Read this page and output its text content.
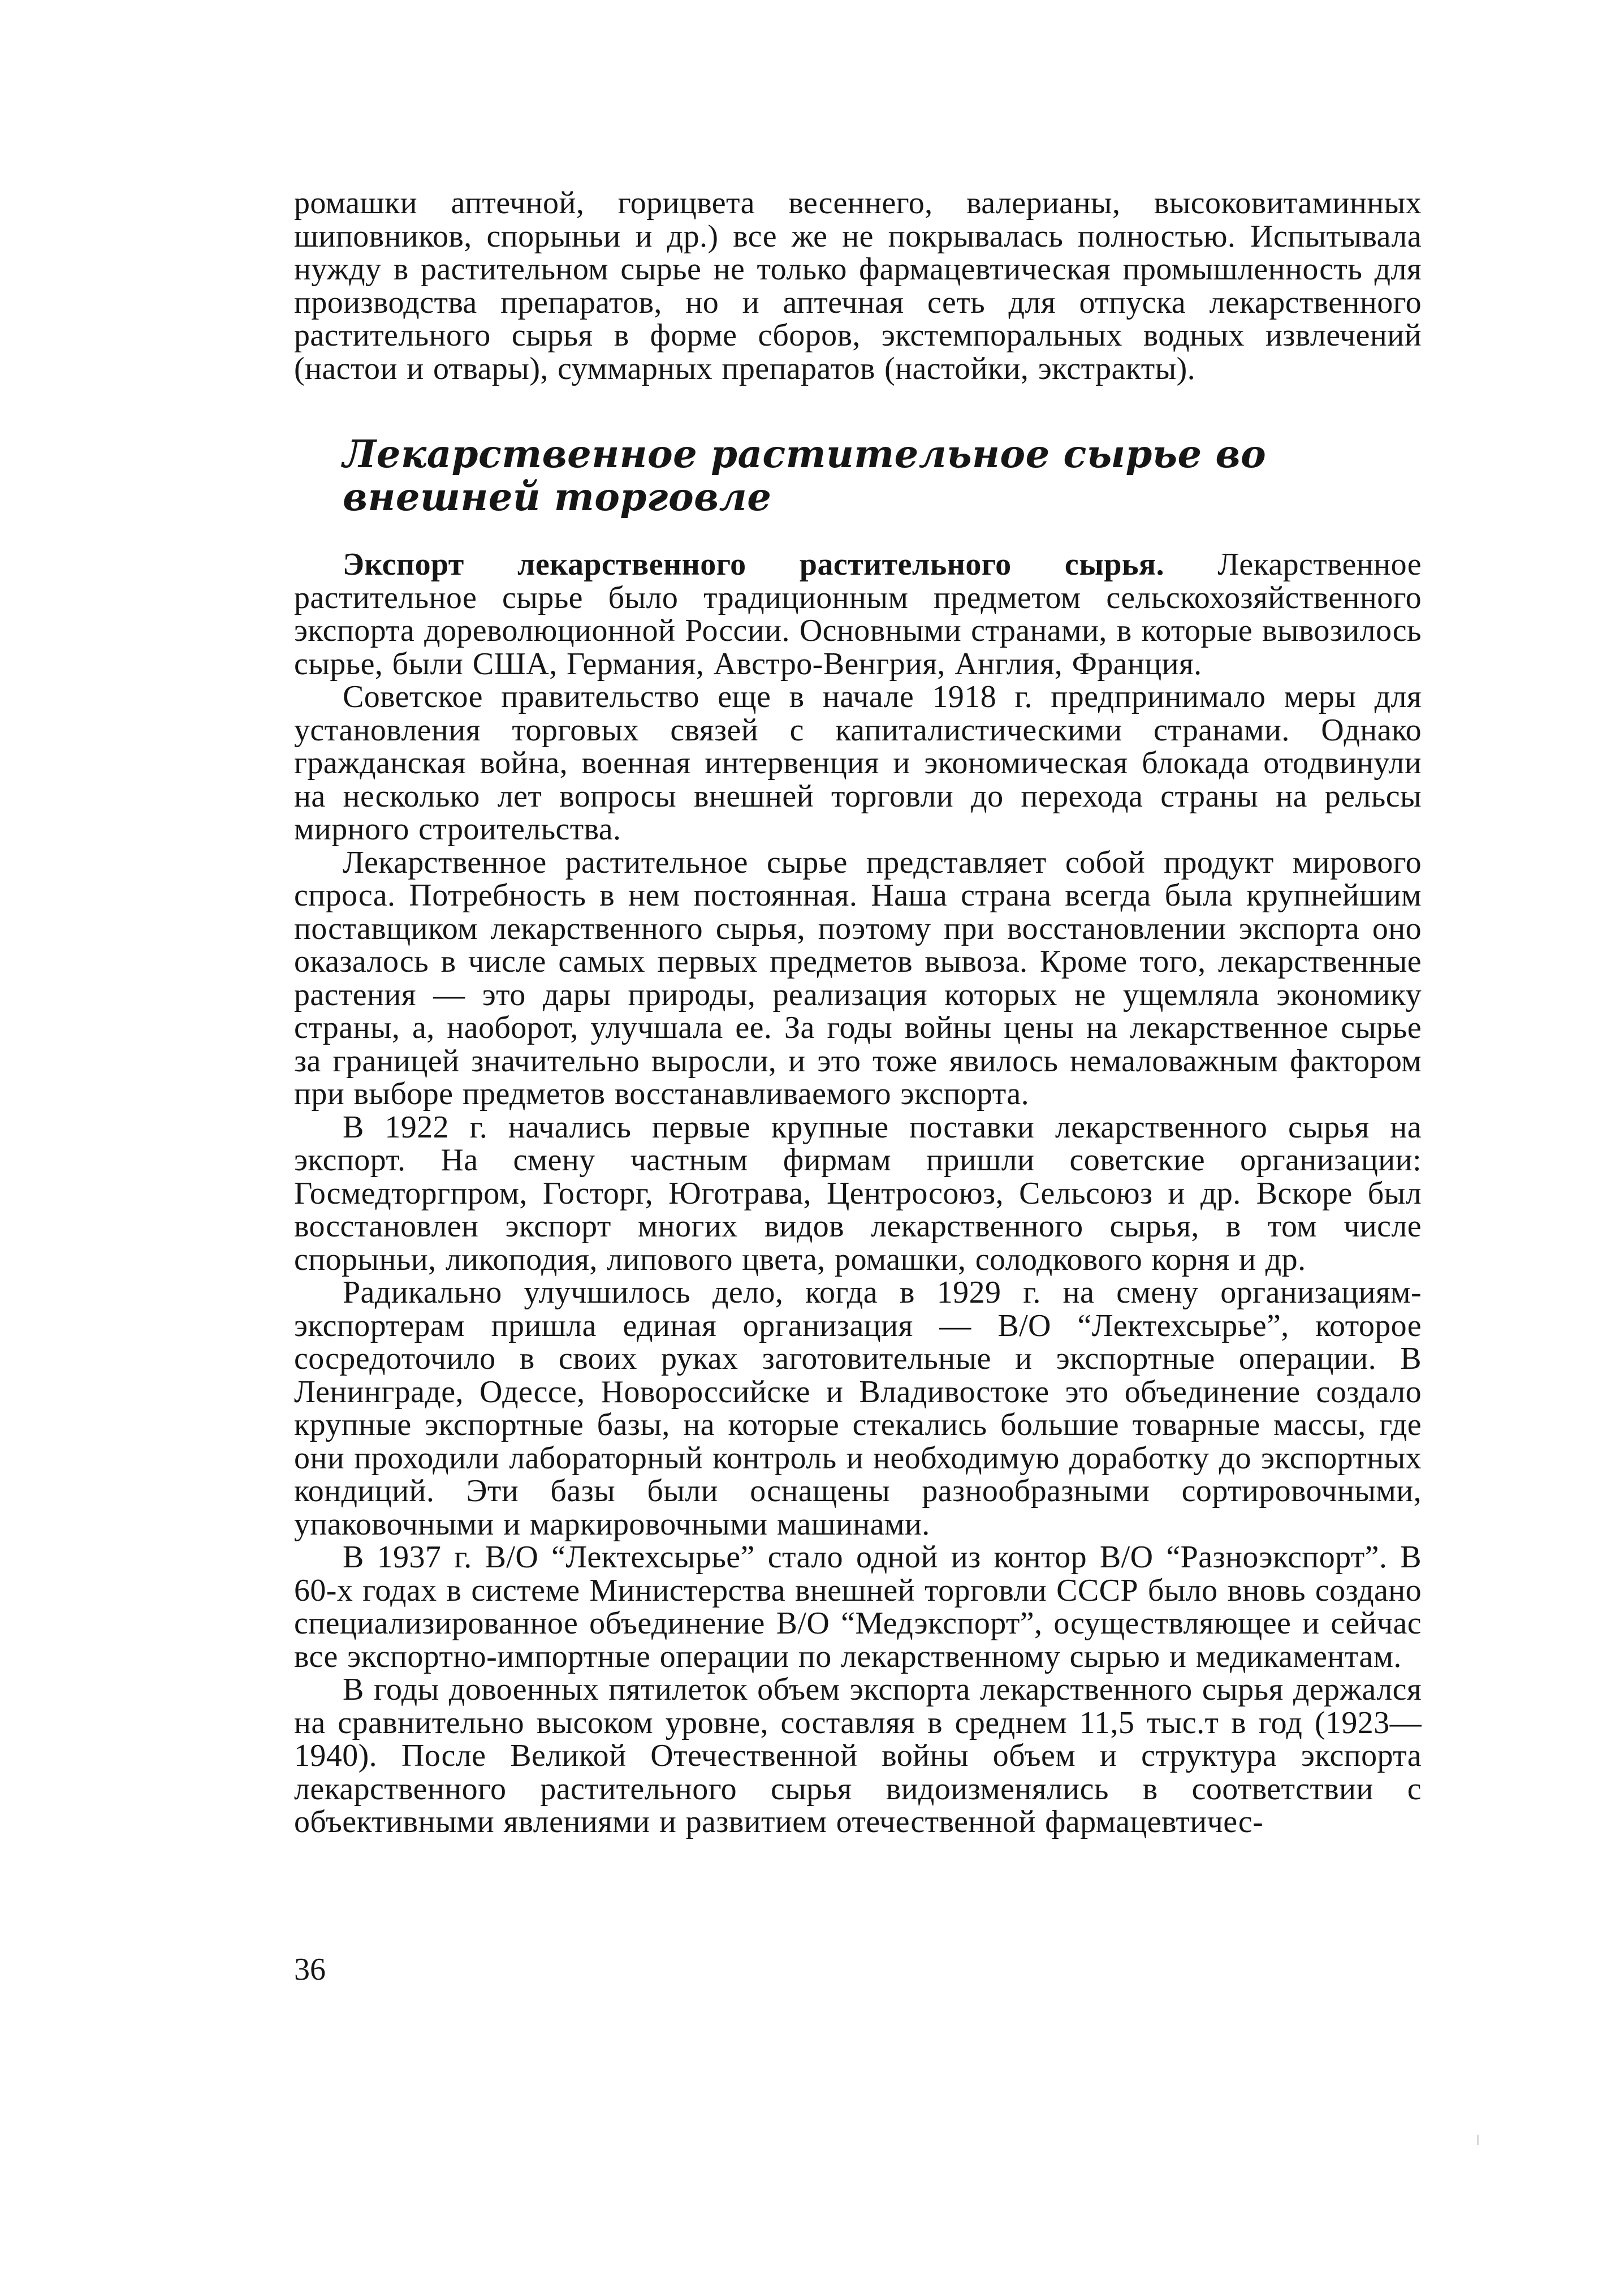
ромашки аптечной, горицвета весеннего, валерианы, высоковитаминных шиповников, спорыньи и др.) все же не покрывалась полностью. Испытывала нужду в растительном сырье не только фармацевтическая промышленность для производства препаратов, но и аптечная сеть для отпуска лекарственного растительного сырья в форме сборов, экстемпоральных водных извлечений (настои и отвары), суммарных препаратов (настойки, экстракты).

Лекарственное растительное сырье во внешней торговле

Экспорт лекарственного растительного сырья. Лекарственное растительное сырье было традиционным предметом сельскохозяйственного экспорта дореволюционной России. Основными странами, в которые вывозилось сырье, были США, Германия, Австро-Венгрия, Англия, Франция.

Советское правительство еще в начале 1918 г. предпринимало меры для установления торговых связей с капиталистическими странами. Однако гражданская война, военная интервенция и экономическая блокада отодвинули на несколько лет вопросы внешней торговли до перехода страны на рельсы мирного строительства.

Лекарственное растительное сырье представляет собой продукт мирового спроса. Потребность в нем постоянная. Наша страна всегда была крупнейшим поставщиком лекарственного сырья, поэтому при восстановлении экспорта оно оказалось в числе самых первых предметов вывоза. Кроме того, лекарственные растения — это дары природы, реализация которых не ущемляла экономику страны, а, наоборот, улучшала ее. За годы войны цены на лекарственное сырье за границей значительно выросли, и это тоже явилось немаловажным фактором при выборе предметов восстанавливаемого экспорта.

В 1922 г. начались первые крупные поставки лекарственного сырья на экспорт. На смену частным фирмам пришли советские организации: Госмедторгпром, Госторг, Юготрава, Центросоюз, Сельсоюз и др. Вскоре был восстановлен экспорт многих видов лекарственного сырья, в том числе спорыньи, ликоподия, липового цвета, ромашки, солодкового корня и др.

Радикально улучшилось дело, когда в 1929 г. на смену организациям-экспортерам пришла единая организация — В/О “Лектехсырье”, которое сосредоточило в своих руках заготовительные и экспортные операции. В Ленинграде, Одессе, Новороссийске и Владивостоке это объединение создало крупные экспортные базы, на которые стекались большие товарные массы, где они проходили лабораторный контроль и необходимую доработку до экспортных кондиций. Эти базы были оснащены разнообразными сортировочными, упаковочными и маркировочными машинами.

В 1937 г. В/О “Лектехсырье” стало одной из контор В/О “Разноэкспорт”. В 60-х годах в системе Министерства внешней торговли СССР было вновь создано специализированное объединение В/О “Медэкспорт”, осуществляющее и сейчас все экспортно-импортные операции по лекарственному сырью и медикаментам.

В годы довоенных пятилеток объем экспорта лекарственного сырья держался на сравнительно высоком уровне, составляя в среднем 11,5 тыс.т в год (1923—1940). После Великой Отечественной войны объем и структура экспорта лекарственного растительного сырья видоизменялись в соответствии с объективными явлениями и развитием отечественной фармацевтичес-

36
